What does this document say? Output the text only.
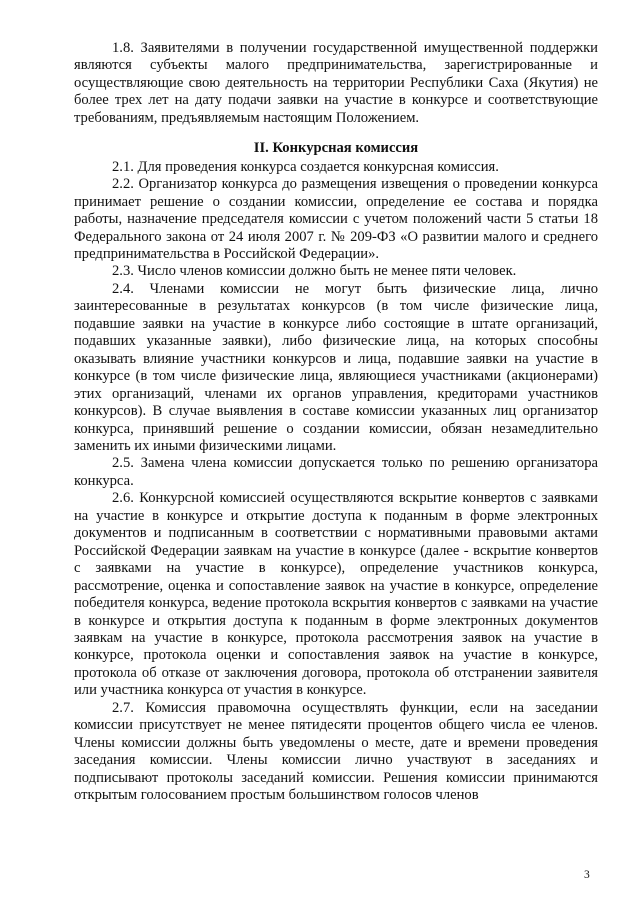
1.8. Заявителями в получении государственной имущественной поддержки являются субъекты малого предпринимательства, зарегистрированные и осуществляющие свою деятельность на территории Республики Саха (Якутия) не более трех лет на дату подачи заявки на участие в конкурсе и соответствующие требованиям, предъявляемым настоящим Положением.

II. Конкурсная комиссия

2.1. Для проведения конкурса создается конкурсная комиссия.

2.2. Организатор конкурса до размещения извещения о проведении конкурса принимает решение о создании комиссии, определение ее состава и порядка работы, назначение председателя комиссии с учетом положений части 5 статьи 18 Федерального закона от 24 июля 2007 г. № 209-ФЗ «О развитии малого и среднего предпринимательства в Российской Федерации».

2.3. Число членов комиссии должно быть не менее пяти человек.

2.4. Членами комиссии не могут быть физические лица, лично заинтересованные в результатах конкурсов (в том числе физические лица, подавшие заявки на участие в конкурсе либо состоящие в штате организаций, подавших указанные заявки), либо физические лица, на которых способны оказывать влияние участники конкурсов и лица, подавшие заявки на участие в конкурсе (в том числе физические лица, являющиеся участниками (акционерами) этих организаций, членами их органов управления, кредиторами участников конкурсов). В случае выявления в составе комиссии указанных лиц организатор конкурса, принявший решение о создании комиссии, обязан незамедлительно заменить их иными физическими лицами.

2.5. Замена члена комиссии допускается только по решению организатора конкурса.

2.6. Конкурсной комиссией осуществляются вскрытие конвертов с заявками на участие в конкурсе и открытие доступа к поданным в форме электронных документов и подписанным в соответствии с нормативными правовыми актами Российской Федерации заявкам на участие в конкурсе (далее - вскрытие конвертов с заявками на участие в конкурсе), определение участников конкурса, рассмотрение, оценка и сопоставление заявок на участие в конкурсе, определение победителя конкурса, ведение протокола вскрытия конвертов с заявками на участие в конкурсе и открытия доступа к поданным в форме электронных документов заявкам на участие в конкурсе, протокола рассмотрения заявок на участие в конкурсе, протокола оценки и сопоставления заявок на участие в конкурсе, протокола об отказе от заключения договора, протокола об отстранении заявителя или участника конкурса от участия в конкурсе.

2.7. Комиссия правомочна осуществлять функции, если на заседании комиссии присутствует не менее пятидесяти процентов общего числа ее членов. Члены комиссии должны быть уведомлены о месте, дате и времени проведения заседания комиссии. Члены комиссии лично участвуют в заседаниях и подписывают протоколы заседаний комиссии. Решения комиссии принимаются открытым голосованием простым большинством голосов членов

3
